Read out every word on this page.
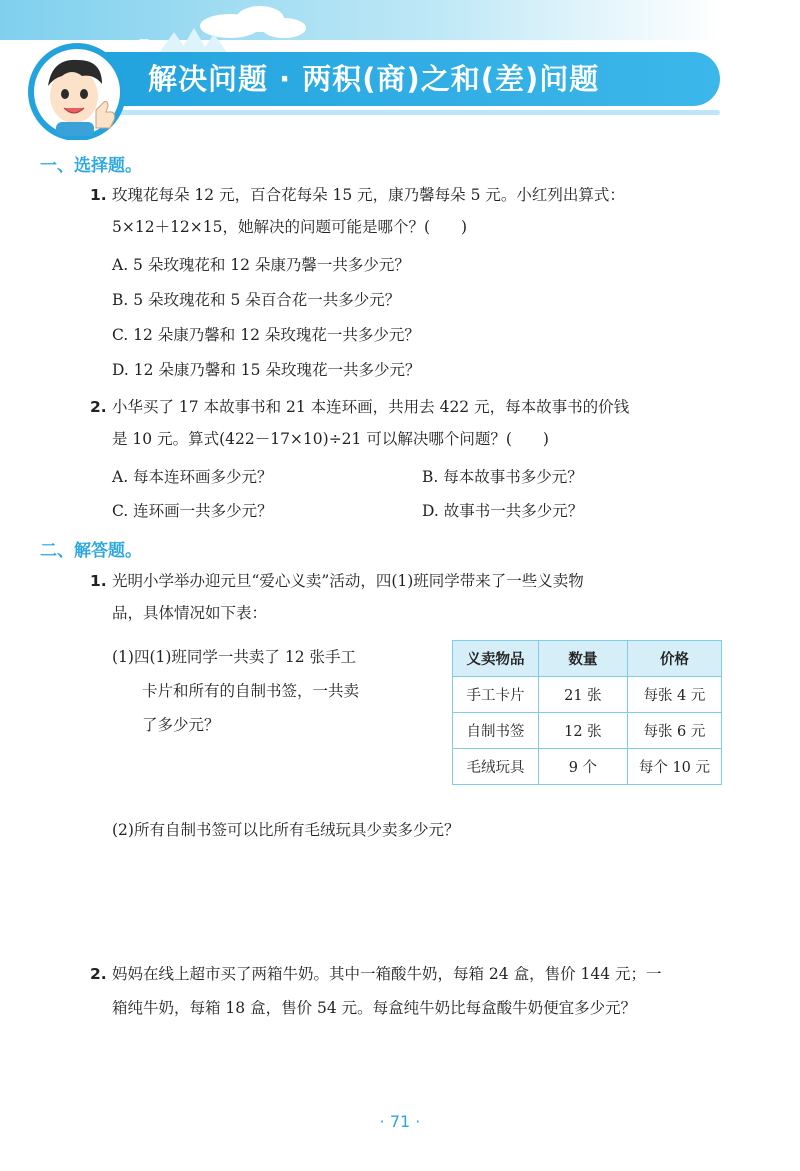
解决问题 · 两积(商)之和(差)问题
一、选择题。
1. 玫瑰花每朵 12 元，百合花每朵 15 元，康乃馨每朵 5 元。小红列出算式：
5×12＋12×15，她解决的问题可能是哪个？(　　)
A. 5 朵玫瑰花和 12 朵康乃馨一共多少元？
B. 5 朵玫瑰花和 5 朵百合花一共多少元？
C. 12 朵康乃馨和 12 朵玫瑰花一共多少元？
D. 12 朵康乃馨和 15 朵玫瑰花一共多少元？
2. 小华买了 17 本故事书和 21 本连环画，共用去 422 元，每本故事书的价钱
是 10 元。算式(422－17×10)÷21 可以解决哪个问题？(　　)
A. 每本连环画多少元？	B. 每本故事书多少元？
C. 连环画一共多少元？	D. 故事书一共多少元？
二、解答题。
1. 光明小学举办迎元旦“爱心义卖”活动，四(1)班同学带来了一些义卖物
品，具体情况如下表：
(1)四(1)班同学一共卖了 12 张手工
卡片和所有的自制书签，一共卖
了多少元？
义卖物品	数量	价格
手工卡片	21 张	每张 4 元
自制书签	12 张	每张 6 元
毛绒玩具	9 个	每个 10 元
(2)所有自制书签可以比所有毛绒玩具少卖多少元？
2. 妈妈在线上超市买了两箱牛奶。其中一箱酸牛奶，每箱 24 盒，售价 144 元；一
箱纯牛奶，每箱 18 盒，售价 54 元。每盒纯牛奶比每盒酸牛奶便宜多少元？
· 71 ·
